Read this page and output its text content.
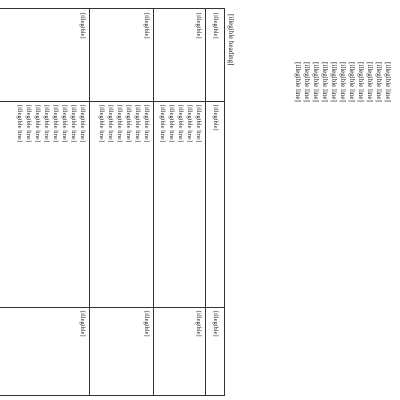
[illegible line]
[illegible line]
[illegible line]
[illegible line]
[illegible line]
[illegible line]
[illegible line]
[illegible line]
[illegible line]
[illegible line]
[illegible line]
[illegible heading]
[illegible]
[illegible]
[illegible]
[illegible]
[illegible line]
[illegible line]
[illegible line]
[illegible line]
[illegible line]
[illegible]
[illegible]
[illegible line]
[illegible line]
[illegible line]
[illegible line]
[illegible line]
[illegible line]
[illegible]
[illegible]
[illegible line]
[illegible line]
[illegible line]
[illegible line]
[illegible line]
[illegible line]
[illegible line]
[illegible line]
[illegible]
